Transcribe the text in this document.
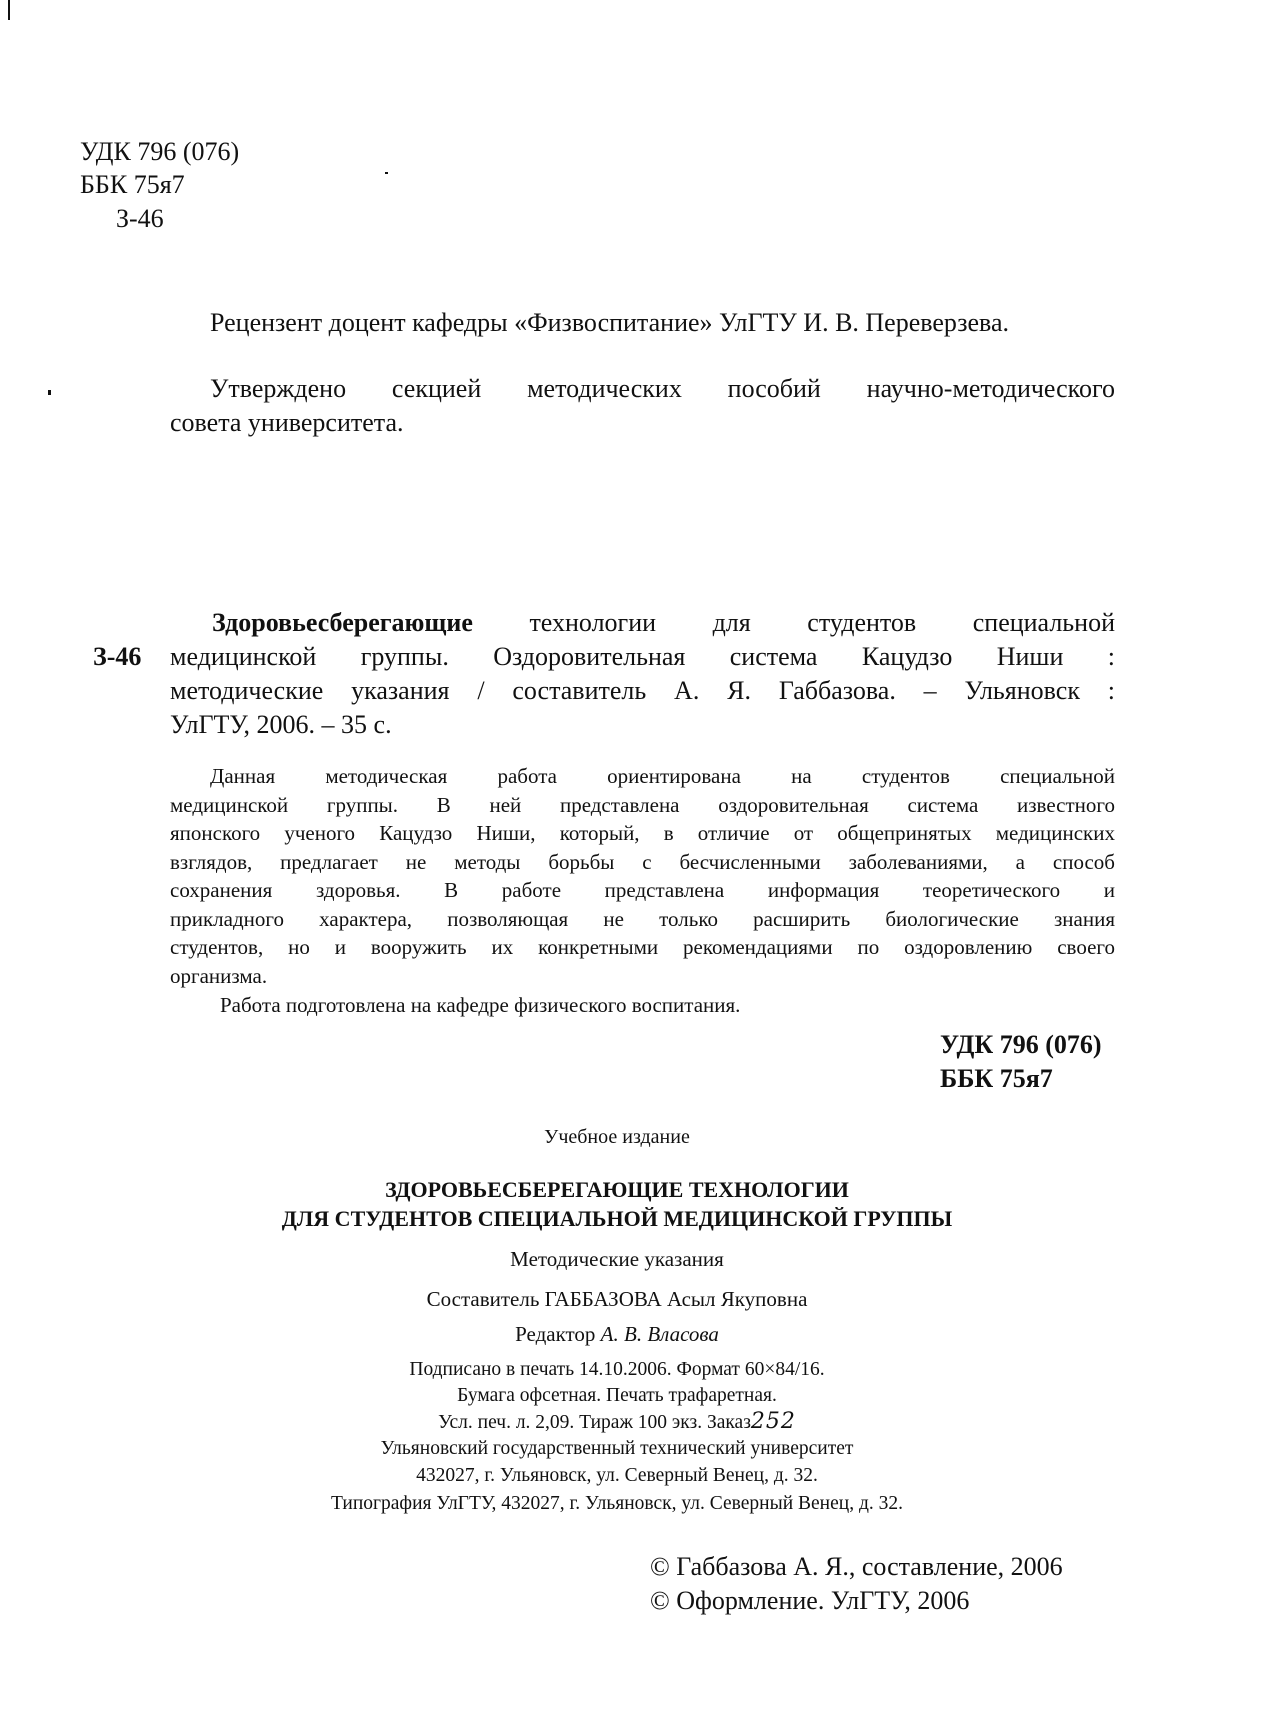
УДК 796 (076)
ББК 75я7
З-46
Рецензент доцент кафедры «Физвоспитание» УлГТУ И. В. Переверзева.
Утверждено секцией методических пособий научно-методического
совета университета.
Здоровьесберегающие технологии для студентов специальной
З-46 медицинской группы. Оздоровительная система Кацудзо Ниши :
методические указания / составитель А. Я. Габбазова. – Ульяновск :
УлГТУ, 2006. – 35 с.
Данная методическая работа ориентирована на студентов специальной
медицинской группы. В ней представлена оздоровительная система известного
японского ученого Кацудзо Ниши, который, в отличие от общепринятых медицинских
взглядов, предлагает не методы борьбы с бесчисленными заболеваниями, а способ
сохранения здоровья. В работе представлена информация теоретического и
прикладного характера, позволяющая не только расширить биологические знания
студентов, но и вооружить их конкретными рекомендациями по оздоровлению своего
организма.
Работа подготовлена на кафедре физического воспитания.
УДК 796 (076)
ББК 75я7
Учебное издание
ЗДОРОВЬЕСБЕРЕГАЮЩИЕ ТЕХНОЛОГИИ
ДЛЯ СТУДЕНТОВ СПЕЦИАЛЬНОЙ МЕДИЦИНСКОЙ ГРУППЫ
Методические указания
Составитель ГАББАЗОВА Асыл Якуповна
Редактор А. В. Власова
Подписано в печать 14.10.2006. Формат 60×84/16.
Бумага офсетная. Печать трафаретная.
Усл. печ. л. 2,09. Тираж 100 экз. Заказ252
Ульяновский государственный технический университет
432027, г. Ульяновск, ул. Северный Венец, д. 32.
Типография УлГТУ, 432027, г. Ульяновск, ул. Северный Венец, д. 32.
© Габбазова А. Я., составление, 2006
© Оформление. УлГТУ, 2006
